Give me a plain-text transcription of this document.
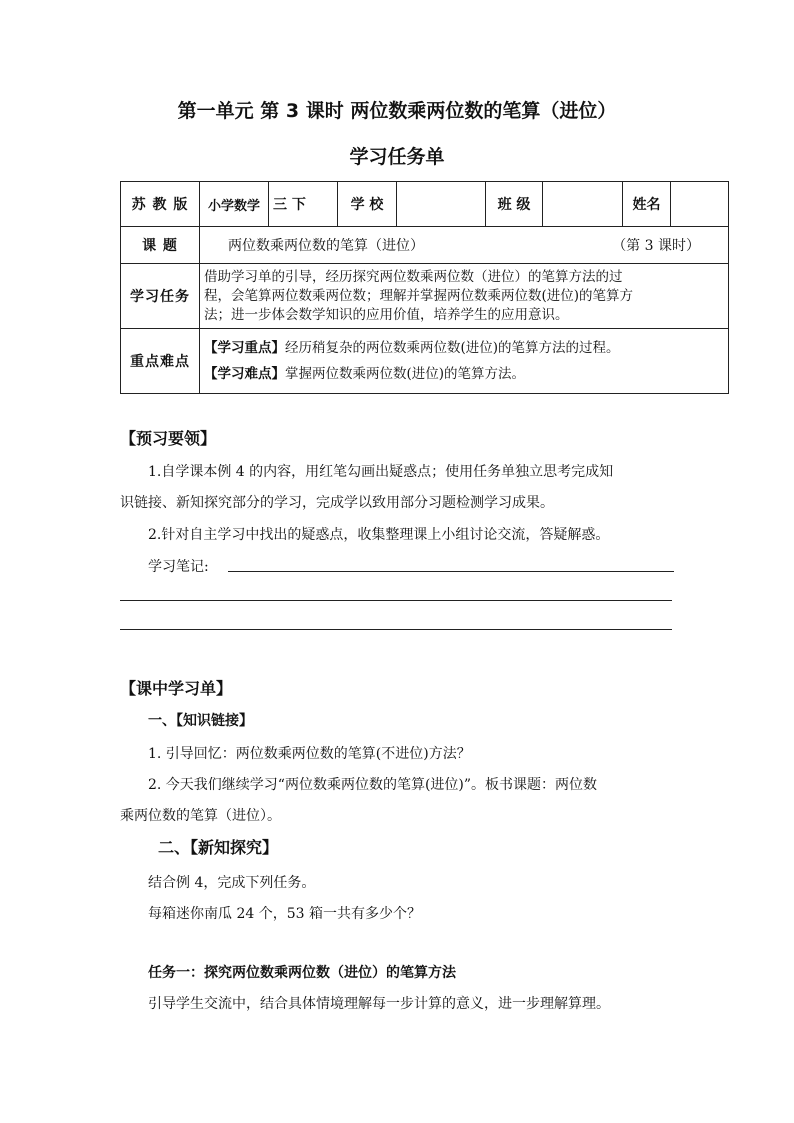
第一单元 第 3 课时 两位数乘两位数的笔算（进位）
学习任务单
苏 教 版	小学数学	三 下	学 校		班 级		姓名	
课 题	两位数乘两位数的笔算（进位） （第 3 课时）							

学习任务	借助学习单的引导，经历探究两位数乘两位数（进位）的笔算方法的过
程，会笔算两位数乘两位数；理解并掌握两位数乘两位数(进位)的笔算方
法；进一步体会数学知识的应用价值，培养学生的应用意识。							

重点难点	【学习重点】经历稍复杂的两位数乘两位数(进位)的笔算方法的过程。
【学习难点】掌握两位数乘两位数(进位)的笔算方法。							
【预习要领】
1.自学课本例 4 的内容，用红笔勾画出疑惑点；使用任务单独立思考完成知
识链接、新知探究部分的学习，完成学以致用部分习题检测学习成果。
2.针对自主学习中找出的疑惑点，收集整理课上小组讨论交流，答疑解惑。
学习笔记:
【课中学习单】
一、【知识链接】
1. 引导回忆：两位数乘两位数的笔算(不进位)方法？
2. 今天我们继续学习“两位数乘两位数的笔算(进位)”。板书课题：两位数
乘两位数的笔算（进位）。
二、【新知探究】
结合例 4，完成下列任务。
每箱迷你南瓜 24 个，53 箱一共有多少个？
任务一：探究两位数乘两位数（进位）的笔算方法
引导学生交流中，结合具体情境理解每一步计算的意义，进一步理解算理。
